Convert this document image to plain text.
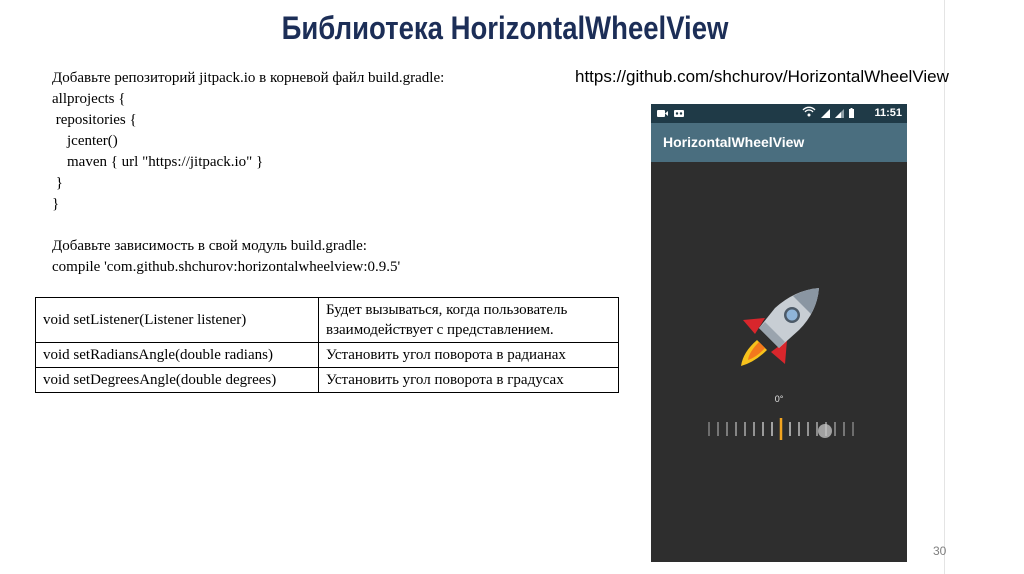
Библиотека HorizontalWheelView
https://github.com/shchurov/HorizontalWheelView
Добавьте репозиторий jitpack.io в корневой файл build.gradle:
allprojects {
repositories {
jcenter()
maven { url "https://jitpack.io" }
}
}
Добавьте зависимость в свой модуль build.gradle:
compile 'com.github.shchurov:horizontalwheelview:0.9.5'
void setListener(Listener listener)	Будет вызываться, когда пользователь взаимодействует с представлением.
void setRadiansAngle(double radians)	Установить угол поворота в радианах
void setDegreesAngle(double degrees)	Установить угол поворота в градусах
11:51
HorizontalWheelView
0°
30
